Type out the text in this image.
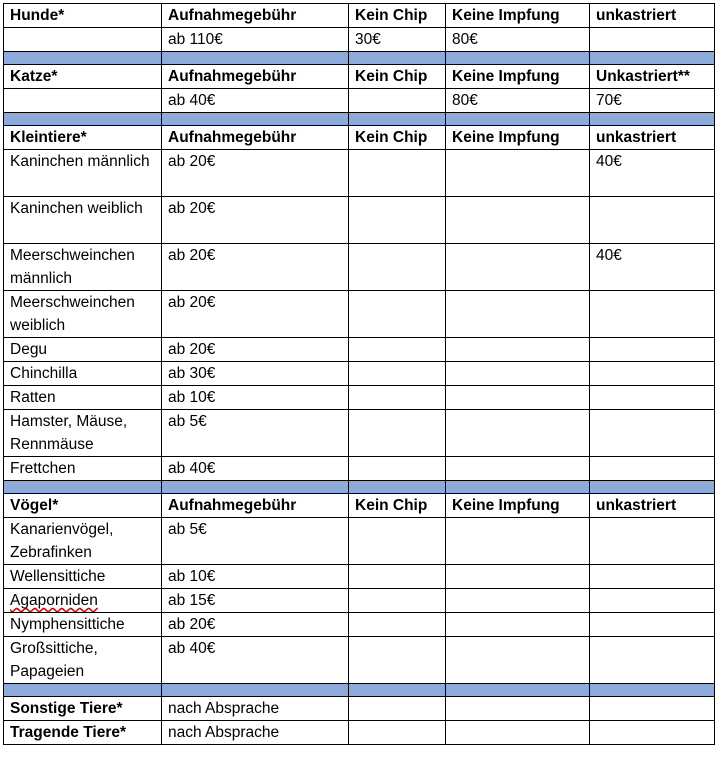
Hunde*	Aufnahmegebühr	Kein Chip	Keine Impfung	unkastriert
	ab 110€	30€	80€	

Katze*	Aufnahmegebühr	Kein Chip	Keine Impfung	Unkastriert**
	ab 40€		80€	70€

Kleintiere*	Aufnahmegebühr	Kein Chip	Keine Impfung	unkastriert
Kaninchen männlich	ab 20€			40€
Kaninchen weiblich	ab 20€			
Meerschweinchen männlich	ab 20€			40€
Meerschweinchen weiblich	ab 20€			
Degu	ab 20€			
Chinchilla	ab 30€			
Ratten	ab 10€			
Hamster, Mäuse, Rennmäuse	ab 5€			
Frettchen	ab 40€			

Vögel*	Aufnahmegebühr	Kein Chip	Keine Impfung	unkastriert
Kanarienvögel, Zebrafinken	ab 5€			
Wellensittiche	ab 10€			
Agaporniden	ab 15€			
Nymphensittiche	ab 20€			
Großsittiche, Papageien	ab 40€			

Sonstige Tiere*	nach Absprache			
Tragende Tiere*	nach Absprache			
